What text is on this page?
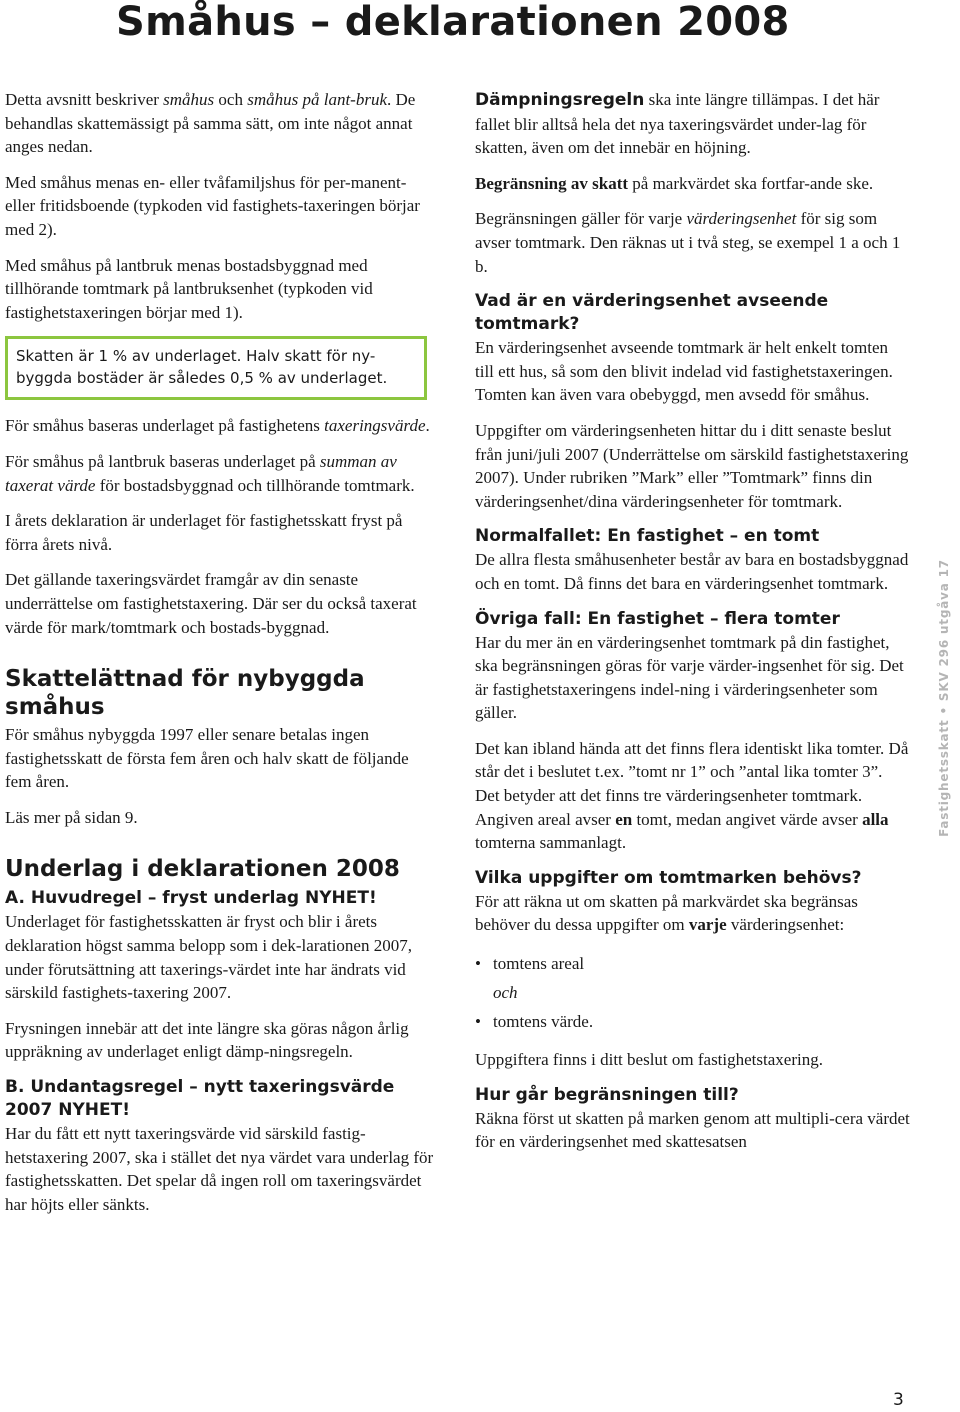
Småhus – deklarationen 2008

Detta avsnitt beskriver småhus och småhus på lant-bruk. De behandlas skattemässigt på samma sätt, om inte något annat anges nedan.

Med småhus menas en- eller tvåfamiljshus för per-manent- eller fritidsboende (typkoden vid fastighets-taxeringen börjar med 2).

Med småhus på lantbruk menas bostadsbyggnad med tillhörande tomtmark på lantbruksenhet (typkoden vid fastighetstaxeringen börjar med 1).

Skatten är 1 % av underlaget. Halv skatt för ny-byggda bostäder är således 0,5 % av underlaget.

För småhus baseras underlaget på fastighetens taxeringsvärde.

För småhus på lantbruk baseras underlaget på summan av taxerat värde för bostadsbyggnad och tillhörande tomtmark.

I årets deklaration är underlaget för fastighetsskatt fryst på förra årets nivå.

Det gällande taxeringsvärdet framgår av din senaste underrättelse om fastighetstaxering. Där ser du också taxerat värde för mark/tomtmark och bostads-byggnad.

Skattelättnad för nybyggda småhus

För småhus nybyggda 1997 eller senare betalas ingen fastighetsskatt de första fem åren och halv skatt de följande fem åren.

Läs mer på sidan 9.

Underlag i deklarationen 2008
A. Huvudregel – fryst underlag NYHET!

Underlaget för fastighetsskatten är fryst och blir i årets deklaration högst samma belopp som i dek-larationen 2007, under förutsättning att taxerings-värdet inte har ändrats vid särskild fastighets-taxering 2007.

Frysningen innebär att det inte längre ska göras någon årlig uppräkning av underlaget enligt dämp-ningsregeln.

B. Undantagsregel – nytt taxeringsvärde 2007 NYHET!

Har du fått ett nytt taxeringsvärde vid särskild fastig-hetstaxering 2007, ska i stället det nya värdet vara underlag för fastighetsskatten. Det spelar då ingen roll om taxeringsvärdet har höjts eller sänkts.

Dämpningsregeln ska inte längre tillämpas. I det här fallet blir alltså hela det nya taxeringsvärdet under-lag för skatten, även om det innebär en höjning.

Begränsning av skatt på markvärdet ska fortfar-ande ske.

Begränsningen gäller för varje värderingsenhet för sig som avser tomtmark. Den räknas ut i två steg, se exempel 1 a och 1 b.

Vad är en värderingsenhet avseende tomtmark?

En värderingsenhet avseende tomtmark är helt enkelt tomten till ett hus, så som den blivit indelad vid fastighetstaxeringen. Tomten kan även vara obebyggd, men avsedd för småhus.

Uppgifter om värderingsenheten hittar du i ditt senaste beslut från juni/juli 2007 (Underrättelse om särskild fastighetstaxering 2007). Under rubriken ”Mark” eller ”Tomtmark” finns din värderingsenhet/dina värderingsenheter för tomtmark.

Normalfallet: En fastighet – en tomt

De allra flesta småhusenheter består av bara en bostadsbyggnad och en tomt. Då finns det bara en värderingsenhet tomtmark.

Övriga fall: En fastighet – flera tomter

Har du mer än en värderingsenhet tomtmark på din fastighet, ska begränsningen göras för varje värder-ingsenhet för sig. Det är fastighetstaxeringens indel-ning i värderingsenheter som gäller.

Det kan ibland hända att det finns flera identiskt lika tomter. Då står det i beslutet t.ex. ”tomt nr 1” och ”antal lika tomter 3”. Det betyder att det finns tre värderingsenheter tomtmark. Angiven areal avser en tomt, medan angivet värde avser alla tomterna sammanlagt.

Vilka uppgifter om tomtmarken behövs?

För att räkna ut om skatten på markvärdet ska begränsas behöver du dessa uppgifter om varje värderingsenhet:

• tomtens areal
och
• tomtens värde.

Uppgiftera finns i ditt beslut om fastighetstaxering.

Hur går begränsningen till?

Räkna först ut skatten på marken genom att multipli-cera värdet för en värderingsenhet med skattesatsen

Fastighetsskatt • SKV 296 utgåva 17
3
